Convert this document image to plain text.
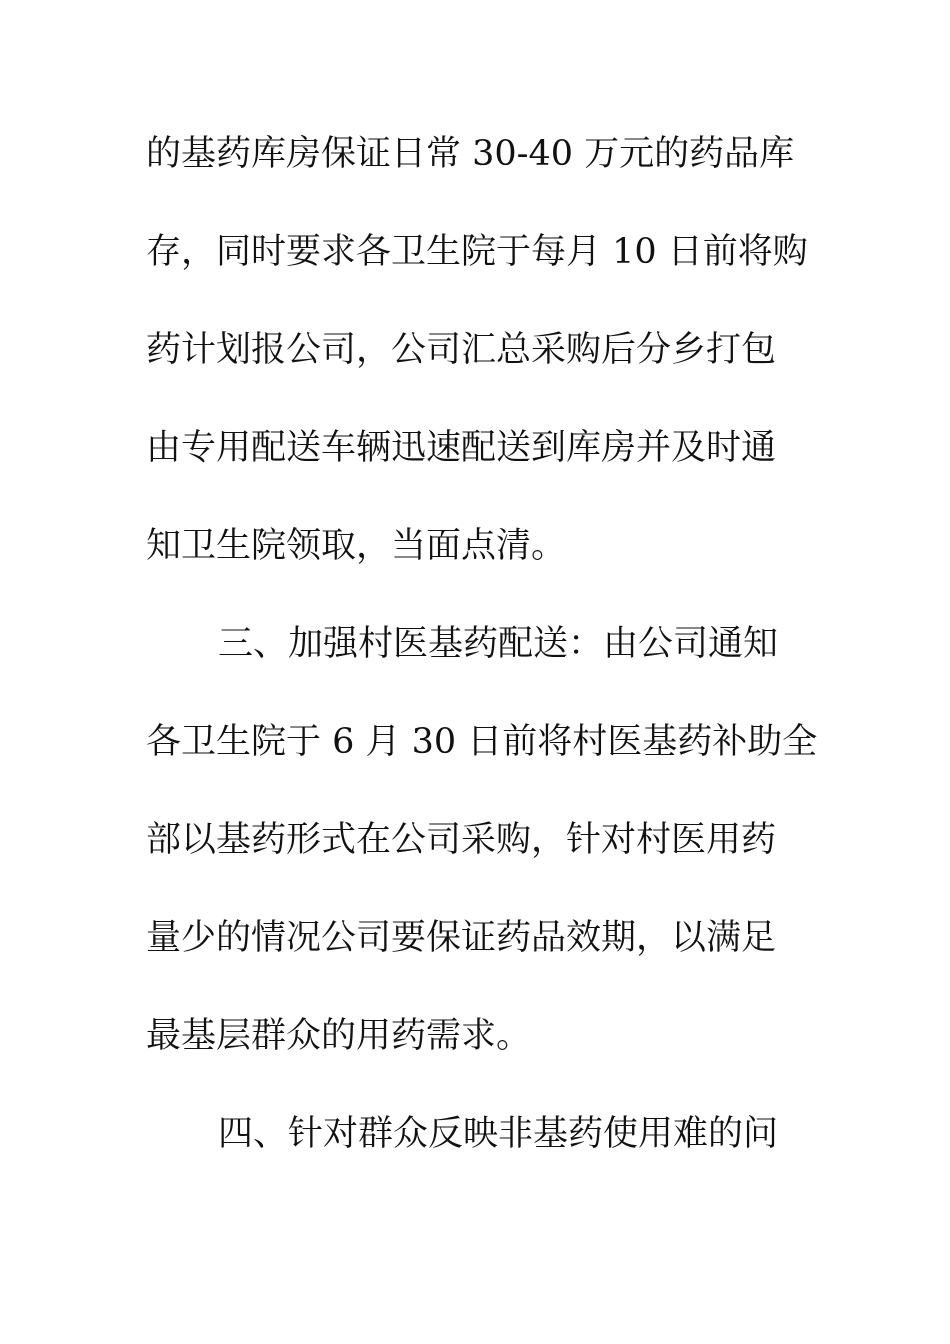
的基药库房保证日常 30-40 万元的药品库
存，同时要求各卫生院于每月 10 日前将购
药计划报公司，公司汇总采购后分乡打包
由专用配送车辆迅速配送到库房并及时通
知卫生院领取，当面点清。
三、加强村医基药配送：由公司通知
各卫生院于 6 月 30 日前将村医基药补助全
部以基药形式在公司采购，针对村医用药
量少的情况公司要保证药品效期，以满足
最基层群众的用药需求。
四、针对群众反映非基药使用难的问
